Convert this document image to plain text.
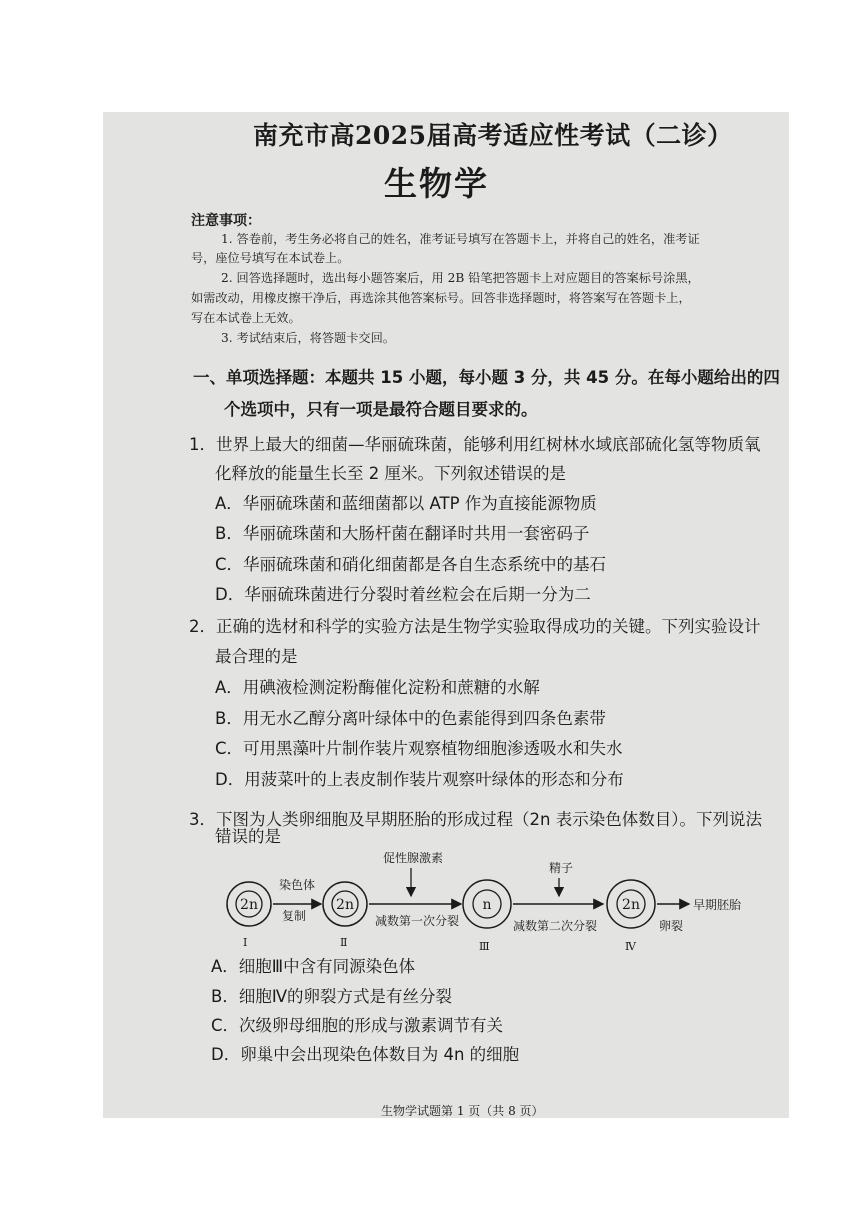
南充市高2025届高考适应性考试（二诊）
生物学
注意事项：
1. 答卷前，考生务必将自己的姓名，准考证号填写在答题卡上，并将自己的姓名，准考证
号，座位号填写在本试卷上。
2. 回答选择题时，选出每小题答案后，用 2B 铅笔把答题卡上对应题目的答案标号涂黑，
如需改动，用橡皮擦干净后，再选涂其他答案标号。回答非选择题时，将答案写在答题卡上，
写在本试卷上无效。
3. 考试结束后，将答题卡交回。
一、单项选择题：本题共 15 小题，每小题 3 分，共 45 分。在每小题给出的四
个选项中，只有一项是最符合题目要求的。
1．世界上最大的细菌—华丽硫珠菌，能够利用红树林水域底部硫化氢等物质氧
化释放的能量生长至 2 厘米。下列叙述错误的是
A．华丽硫珠菌和蓝细菌都以 ATP 作为直接能源物质
B．华丽硫珠菌和大肠杆菌在翻译时共用一套密码子
C．华丽硫珠菌和硝化细菌都是各自生态系统中的基石
D．华丽硫珠菌进行分裂时着丝粒会在后期一分为二
2．正确的选材和科学的实验方法是生物学实验取得成功的关键。下列实验设计
最合理的是
A．用碘液检测淀粉酶催化淀粉和蔗糖的水解
B．用无水乙醇分离叶绿体中的色素能得到四条色素带
C．可用黑藻叶片制作装片观察植物细胞渗透吸水和失水
D．用菠菜叶的上表皮制作装片观察叶绿体的形态和分布
3．下图为人类卵细胞及早期胚胎的形成过程（2n 表示染色体数目）。下列说法
错误的是
2n
Ⅰ
染色体
复制
2n
Ⅱ
促性腺激素
减数第一次分裂
n
Ⅲ
精子
减数第二次分裂
2n
Ⅳ
卵裂
早期胚胎
A．细胞Ⅲ中含有同源染色体
B．细胞Ⅳ的卵裂方式是有丝分裂
C．次级卵母细胞的形成与激素调节有关
D．卵巢中会出现染色体数目为 4n 的细胞
生物学试题第 1 页（共 8 页）
